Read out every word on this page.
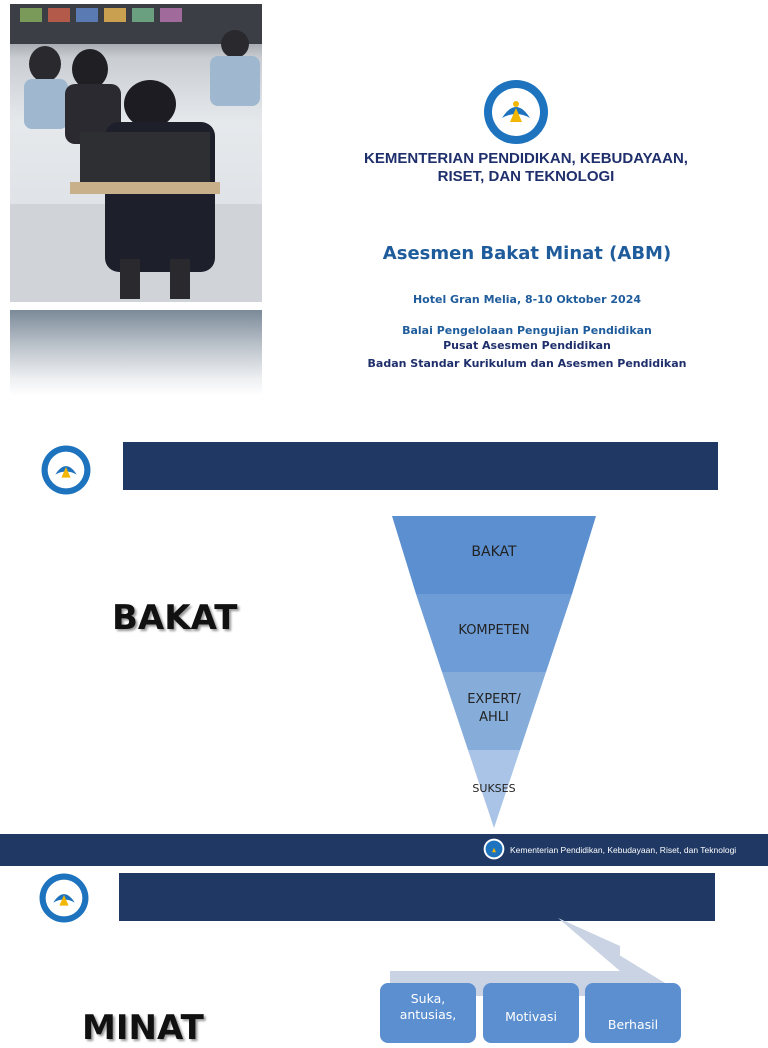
KEMENTERIAN PENDIDIKAN, KEBUDAYAAN,
RISET, DAN TEKNOLOGI
Asesmen Bakat Minat (ABM)
Hotel Gran Melia, 8-10 Oktober 2024
Balai Pengelolaan Pengujian Pendidikan
Pusat Asesmen Pendidikan
Badan Standar Kurikulum dan Asesmen Pendidikan
BAKAT
BAKAT
KOMPETEN
EXPERT/
AHLI
SUKSES
Kementerian Pendidikan, Kebudayaan, Riset, dan Teknologi
Suka,
antusias,	Motivasi
Berhasil
MINAT
